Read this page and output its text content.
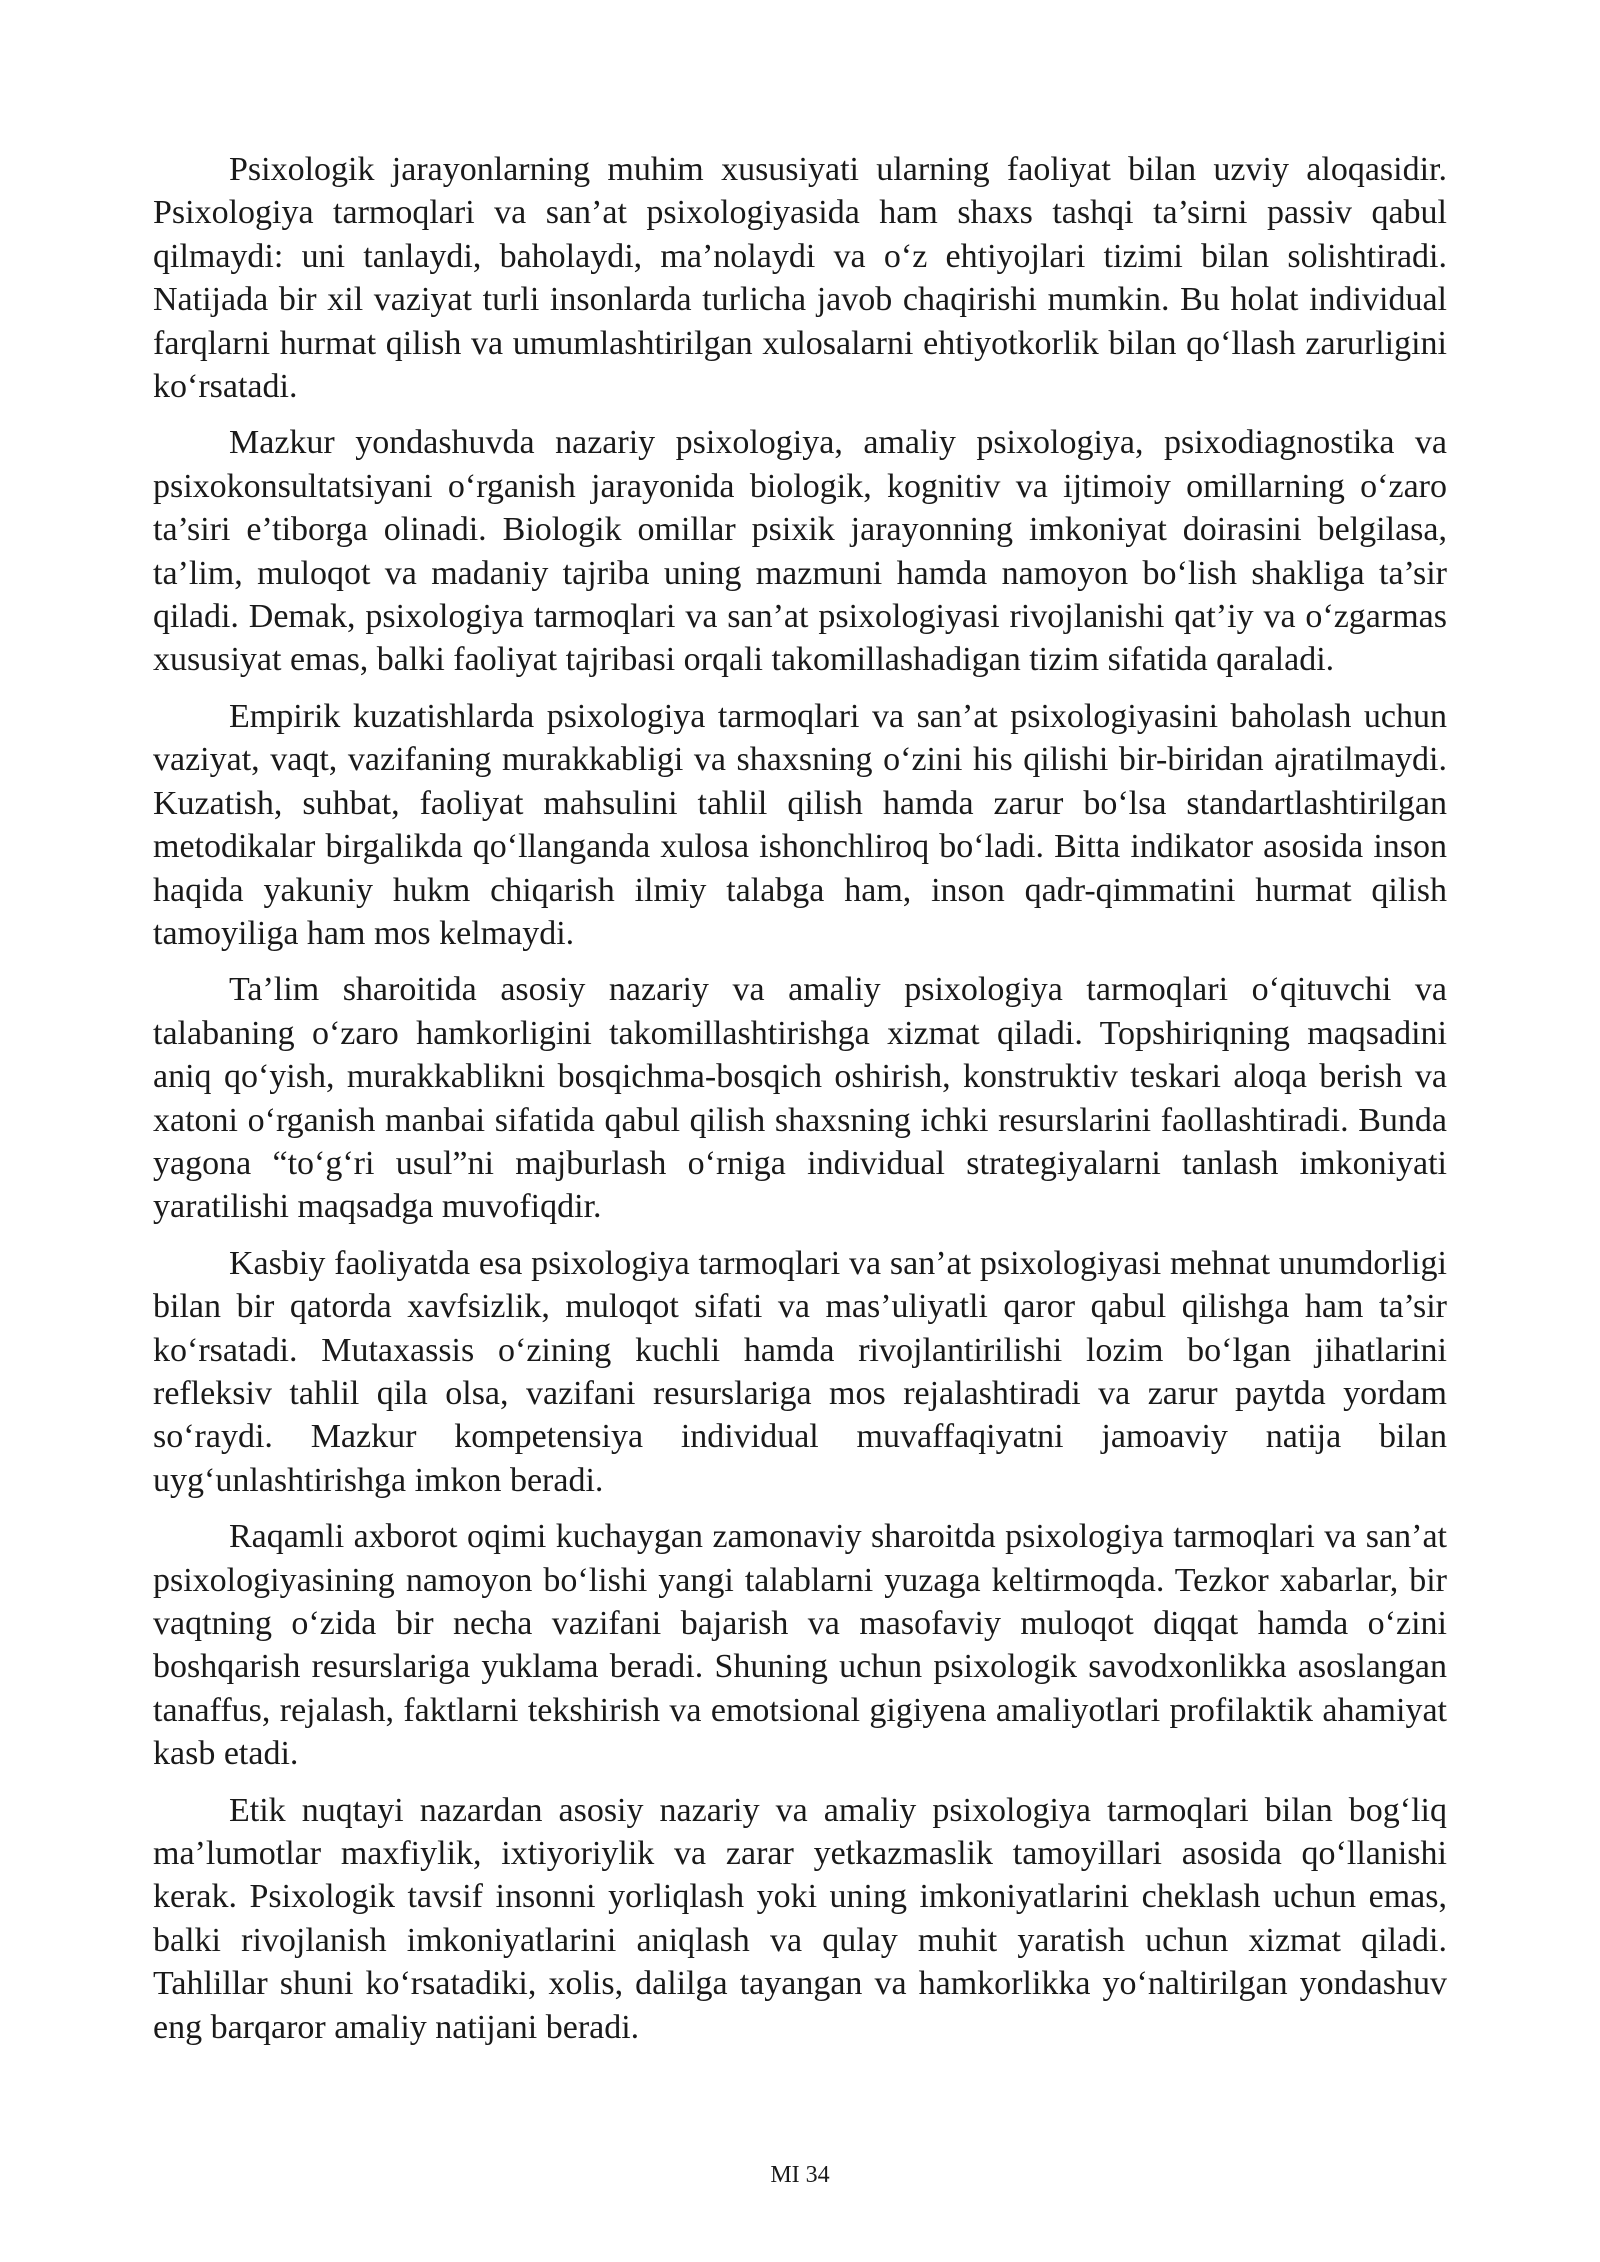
Psixologik jarayonlarning muhim xususiyati ularning faoliyat bilan uzviy aloqasidir. Psixologiya tarmoqlari va san’at psixologiyasida ham shaxs tashqi ta’sirni passiv qabul qilmaydi: uni tanlaydi, baholaydi, ma’nolaydi va o‘z ehtiyojlari tizimi bilan solishtiradi. Natijada bir xil vaziyat turli insonlarda turlicha javob chaqirishi mumkin. Bu holat individual farqlarni hurmat qilish va umumlashtirilgan xulosalarni ehtiyotkorlik bilan qo‘llash zarurligini ko‘rsatadi.

Mazkur yondashuvda nazariy psixologiya, amaliy psixologiya, psixodiagnostika va psixokonsultatsiyani o‘rganish jarayonida biologik, kognitiv va ijtimoiy omillarning o‘zaro ta’siri e’tiborga olinadi. Biologik omillar psixik jarayonning imkoniyat doirasini belgilasa, ta’lim, muloqot va madaniy tajriba uning mazmuni hamda namoyon bo‘lish shakliga ta’sir qiladi. Demak, psixologiya tarmoqlari va san’at psixologiyasi rivojlanishi qat’iy va o‘zgarmas xususiyat emas, balki faoliyat tajribasi orqali takomillashadigan tizim sifatida qaraladi.

Empirik kuzatishlarda psixologiya tarmoqlari va san’at psixologiyasini baholash uchun vaziyat, vaqt, vazifaning murakkabligi va shaxsning o‘zini his qilishi bir-biridan ajratilmaydi. Kuzatish, suhbat, faoliyat mahsulini tahlil qilish hamda zarur bo‘lsa standartlashtirilgan metodikalar birgalikda qo‘llanganda xulosa ishonchliroq bo‘ladi. Bitta indikator asosida inson haqida yakuniy hukm chiqarish ilmiy talabga ham, inson qadr-qimmatini hurmat qilish tamoyiliga ham mos kelmaydi.

Ta’lim sharoitida asosiy nazariy va amaliy psixologiya tarmoqlari o‘qituvchi va talabaning o‘zaro hamkorligini takomillashtirishga xizmat qiladi. Topshiriqning maqsadini aniq qo‘yish, murakkablikni bosqichma-bosqich oshirish, konstruktiv teskari aloqa berish va xatoni o‘rganish manbai sifatida qabul qilish shaxsning ichki resurslarini faollashtiradi. Bunda yagona “to‘g‘ri usul”ni majburlash o‘rniga individual strategiyalarni tanlash imkoniyati yaratilishi maqsadga muvofiqdir.

Kasbiy faoliyatda esa psixologiya tarmoqlari va san’at psixologiyasi mehnat unumdorligi bilan bir qatorda xavfsizlik, muloqot sifati va mas’uliyatli qaror qabul qilishga ham ta’sir ko‘rsatadi. Mutaxassis o‘zining kuchli hamda rivojlantirilishi lozim bo‘lgan jihatlarini refleksiv tahlil qila olsa, vazifani resurslariga mos rejalashtiradi va zarur paytda yordam so‘raydi. Mazkur kompetensiya individual muvaffaqiyatni jamoaviy natija bilan uyg‘unlashtirishga imkon beradi.

Raqamli axborot oqimi kuchaygan zamonaviy sharoitda psixologiya tarmoqlari va san’at psixologiyasining namoyon bo‘lishi yangi talablarni yuzaga keltirmoqda. Tezkor xabarlar, bir vaqtning o‘zida bir necha vazifani bajarish va masofaviy muloqot diqqat hamda o‘zini boshqarish resurslariga yuklama beradi. Shuning uchun psixologik savodxonlikka asoslangan tanaffus, rejalash, faktlarni tekshirish va emotsional gigiyena amaliyotlari profilaktik ahamiyat kasb etadi.

Etik nuqtayi nazardan asosiy nazariy va amaliy psixologiya tarmoqlari bilan bog‘liq ma’lumotlar maxfiylik, ixtiyoriylik va zarar yetkazmaslik tamoyillari asosida qo‘llanishi kerak. Psixologik tavsif insonni yorliqlash yoki uning imkoniyatlarini cheklash uchun emas, balki rivojlanish imkoniyatlarini aniqlash va qulay muhit yaratish uchun xizmat qiladi. Tahlillar shuni ko‘rsatadiki, xolis, dalilga tayangan va hamkorlikka yo‘naltirilgan yondashuv eng barqaror amaliy natijani beradi.

MI 34
